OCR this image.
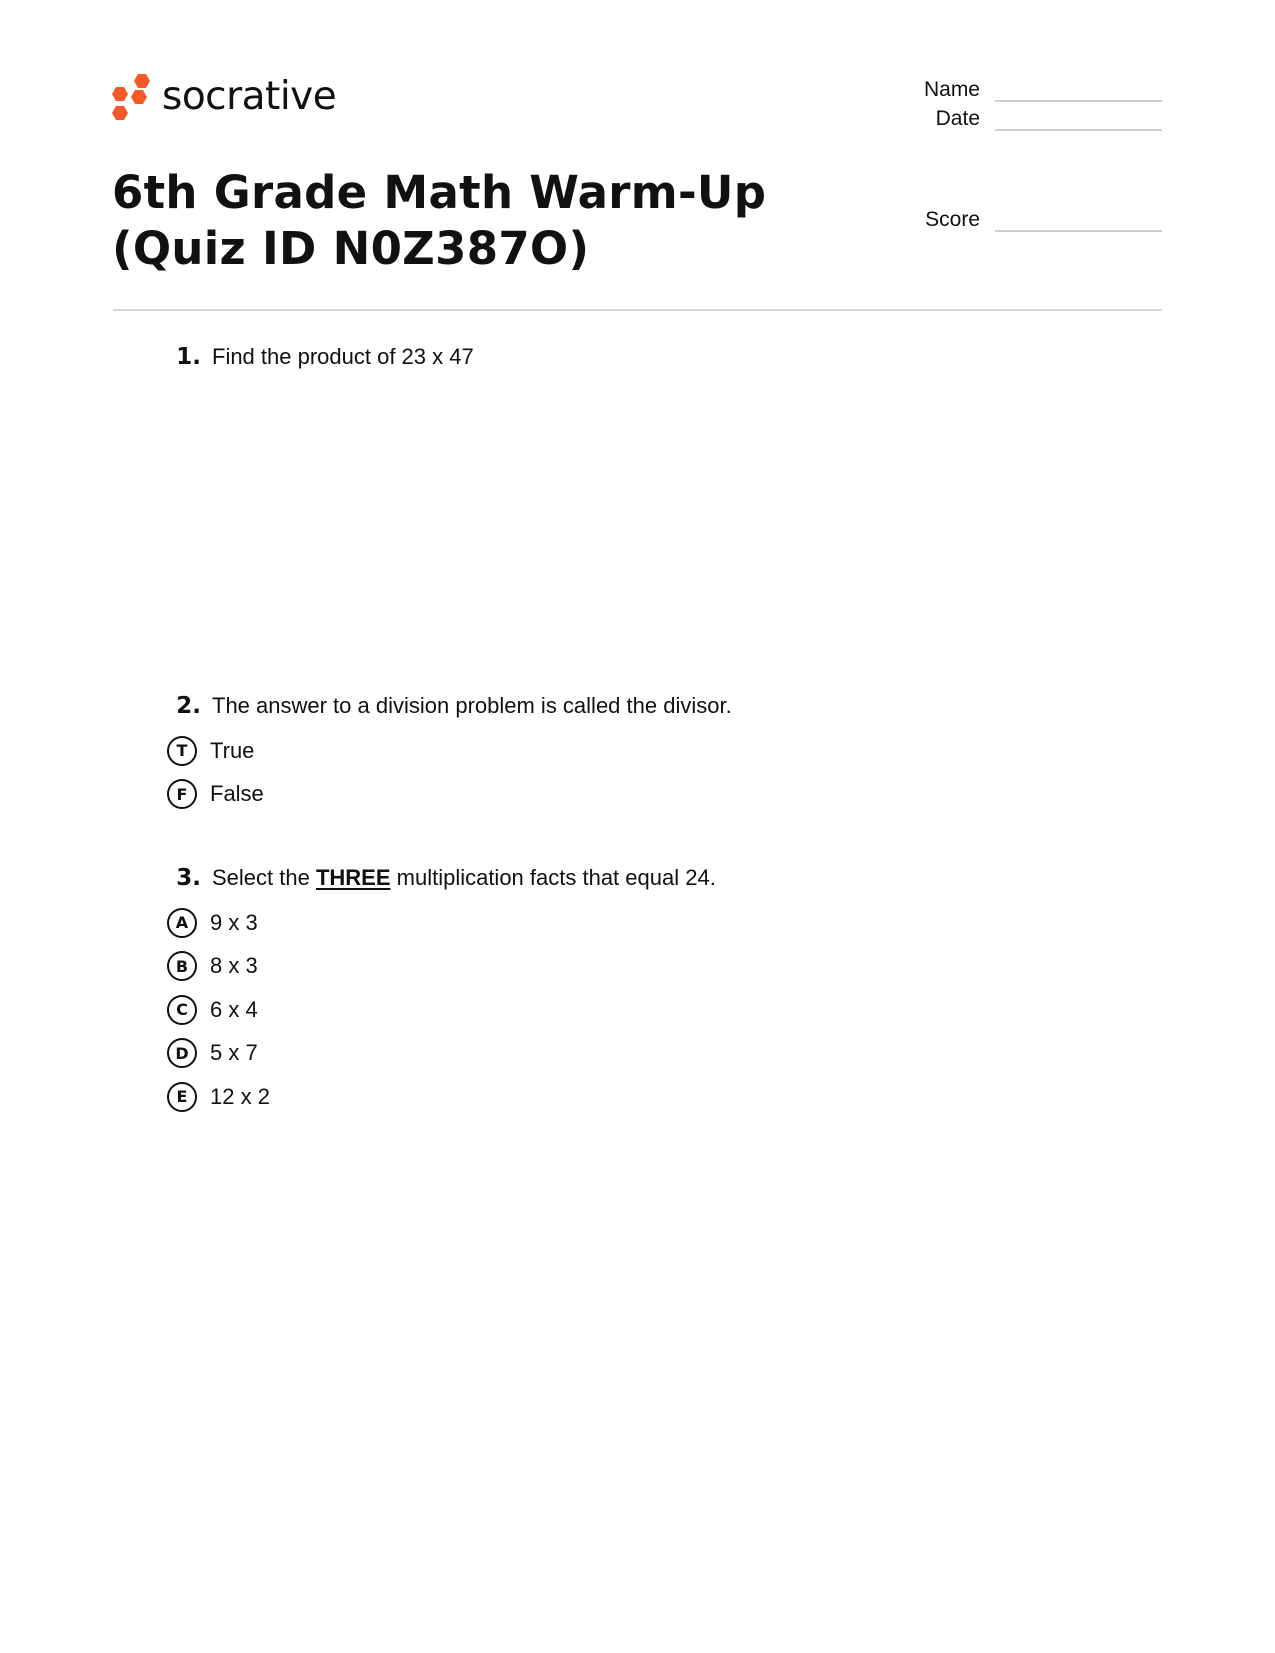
socrative	Name
Date
Score
6th Grade Math Warm-Up (Quiz ID N0Z387O)
1. Find the product of 23 x 47
2. The answer to a division problem is called the divisor.
T	True
F	False
3. Select the THREE multiplication facts that equal 24.
A 9 x 3
B 8 x 3
C	6 x 4
D 5 x 7
E	12 x 2
